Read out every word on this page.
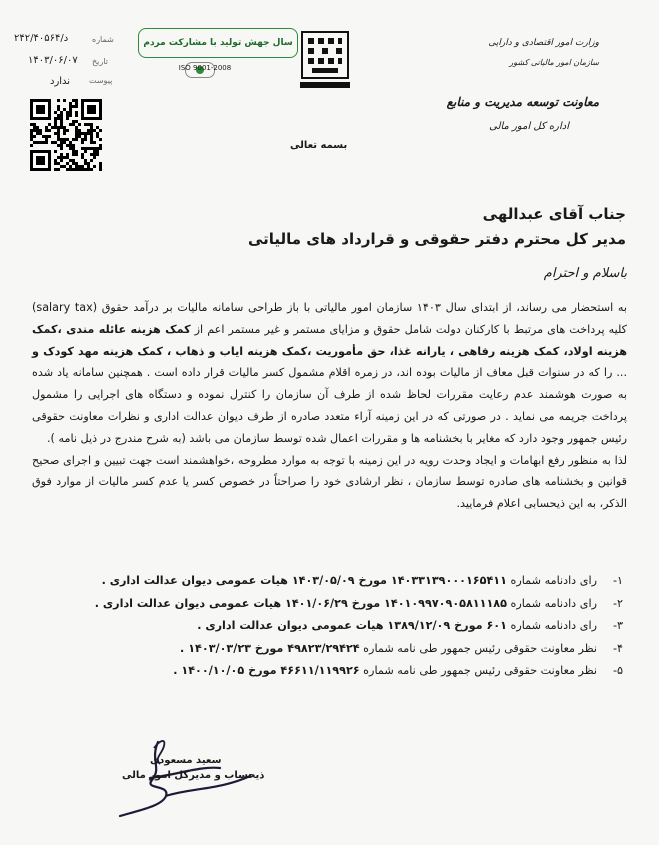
وزارت امور اقتصادی و دارایی
سازمان امور مالیاتی کشور
معاونت توسعه مدیریت و منابع
اداره کل امور مالی
سال جهش تولید با مشارکت مردم
ISO 9001-2008
شماره
د/۲۴۲/۴۰۵۶۴
تاریخ
۱۴۰۳/۰۶/۰۷
پیوست
ندارد
بسمه تعالی
جناب آقای عبدالهی
مدیر کل محترم دفتر حقوقی و قرارداد های مالیاتی
باسلام و احترام

به استحضار می رساند، از ابتدای سال ۱۴۰۳ سازمان امور مالیاتی با باز طراحی سامانه مالیات بر درآمد حقوق (salary tax) کلیه پرداخت های مرتبط با کارکنان دولت شامل حقوق و مزایای مستمر و غیر مستمر اعم از کمک هزینه عائله مندی ،کمک هزینه اولاد، کمک هزینه رفاهی ، یارانه غذا، حق مأموریت ،کمک هزینه ایاب و ذهاب ، کمک هزینه مهد کودک و ... را که در سنوات قبل معاف از مالیات بوده اند، در زمره اقلام مشمول کسر مالیات قرار داده است . همچنین سامانه یاد شده به صورت هوشمند عدم رعایت مقررات لحاظ شده از طرف آن سازمان را کنترل نموده و دستگاه های اجرایی را مشمول پرداخت جریمه می نماید . در صورتی که در این زمینه آراء متعدد صادره از طرف دیوان عدالت اداری و نظرات معاونت حقوقی رئیس جمهور وجود دارد که مغایر با بخشنامه ها و مقررات اعمال شده توسط سازمان می باشد (به شرح مندرج در ذیل نامه ).

لذا به منظور رفع ابهامات و ایجاد وحدت رویه در این زمینه با توجه به موارد مطروحه ،خواهشمند است جهت تبیین و اجرای صحیح قوانین و بخشنامه های صادره توسط سازمان ، نظر ارشادی خود را صراحتاً در خصوص کسر یا عدم کسر مالیات از موارد فوق الذکر، به این ذیحسابی اعلام فرمایید.

۱-رای دادنامه شماره ۱۴۰۳۳۱۳۹۰۰۰۱۶۵۴۱۱ مورخ ۱۴۰۳/۰۵/۰۹ هیات عمومی دیوان عدالت اداری .
۲-رای دادنامه شماره ۱۴۰۱۰۹۹۷۰۹۰۵۸۱۱۱۸۵ مورخ ۱۴۰۱/۰۶/۲۹ هیات عمومی دیوان عدالت اداری .
۳-رای دادنامه شماره ۶۰۱ مورخ ۱۳۸۹/۱۲/۰۹ هیات عمومی دیوان عدالت اداری .
۴-نظر معاونت حقوقی رئیس جمهور طی نامه شماره ۴۹۸۲۳/۲۹۴۲۴ مورخ ۱۴۰۳/۰۳/۲۳ .
۵-نظر معاونت حقوقی رئیس جمهور طی نامه شماره ۴۶۶۱۱/۱۱۹۹۲۶ مورخ ۱۴۰۰/۱۰/۰۵ .
سعید مسعودی
ذیحساب و مدیرکل امور مالی
